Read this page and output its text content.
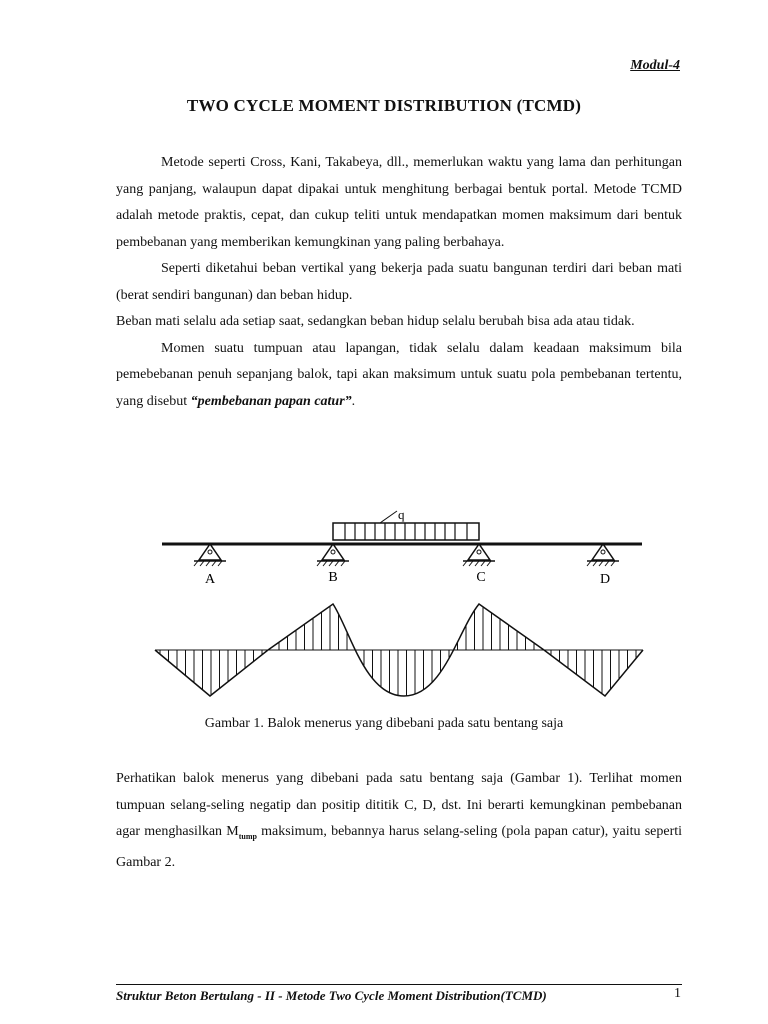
Modul-4
TWO CYCLE MOMENT DISTRIBUTION (TCMD)

Metode seperti Cross, Kani, Takabeya, dll., memerlukan waktu yang lama dan perhitungan yang panjang, walaupun dapat dipakai untuk menghitung berbagai bentuk portal. Metode TCMD adalah metode praktis, cepat, dan cukup teliti untuk mendapatkan momen maksimum dari bentuk pembebanan yang memberikan kemungkinan yang paling berbahaya.

Seperti diketahui beban vertikal yang bekerja pada suatu bangunan terdiri dari beban mati (berat sendiri bangunan) dan beban hidup.

Beban mati selalu ada setiap saat, sedangkan beban hidup selalu berubah bisa ada atau tidak.

Momen suatu tumpuan atau lapangan, tidak selalu dalam keadaan maksimum bila pemebebanan penuh sepanjang balok, tapi akan maksimum untuk suatu pola pembebanan tertentu, yang disebut “pembebanan papan catur”.

q
A	B	C	D
Gambar 1. Balok menerus yang dibebani pada satu bentang saja

Perhatikan balok menerus yang dibebani pada satu bentang saja (Gambar 1). Terlihat momen tumpuan selang-seling negatip dan positip dititik C, D, dst. Ini berarti kemungkinan pembebanan agar menghasilkan $M_{tump}$ maksimum, bebannya harus selang-seling (pola papan catur), yaitu seperti Gambar 2.

Struktur Beton Bertulang - II - Metode Two Cycle Moment Distribution(TCMD)	1
